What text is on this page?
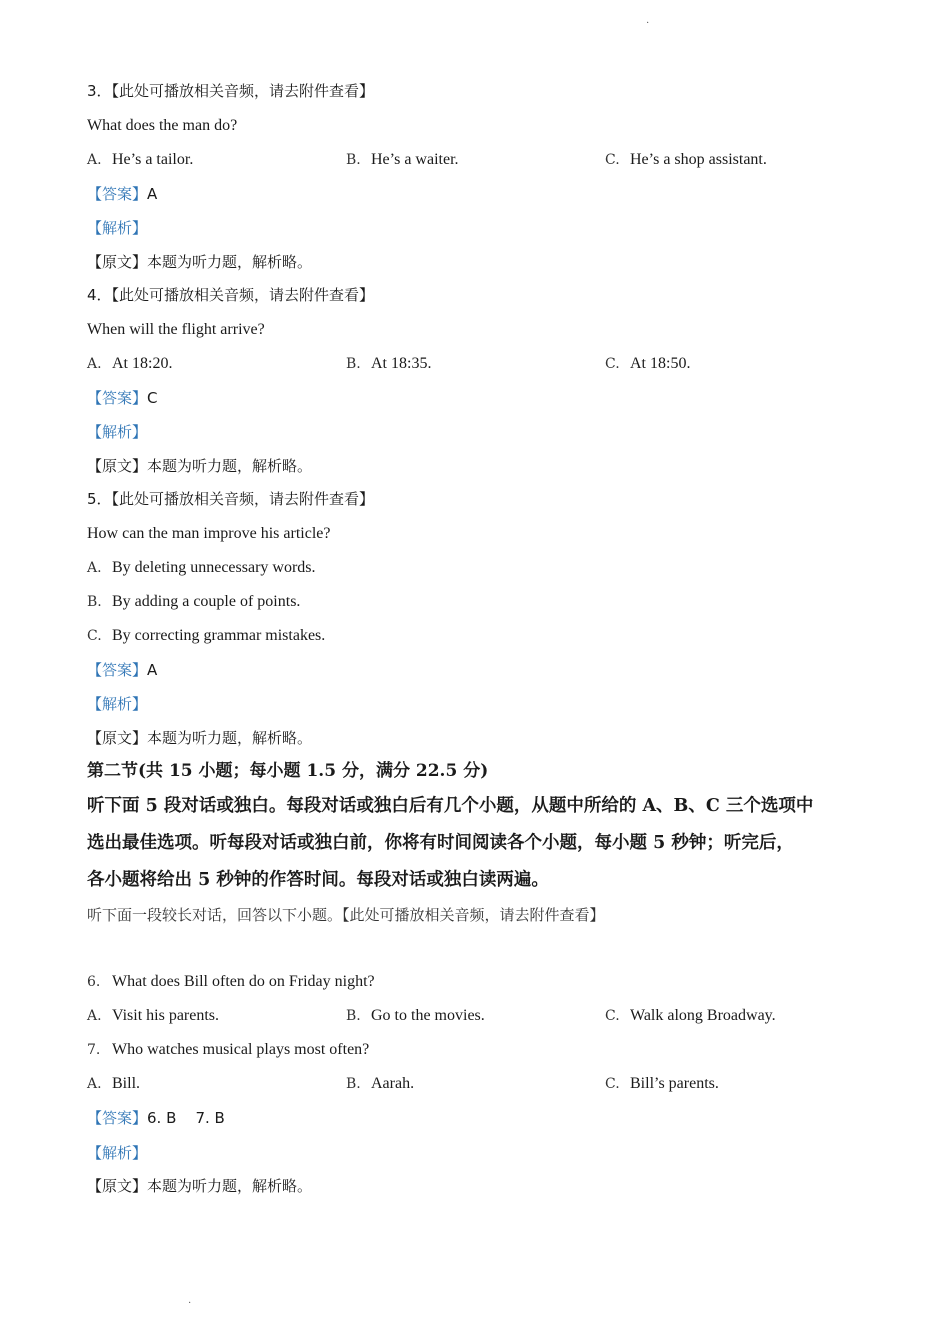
·
3．【此处可播放相关音频，请去附件查看】
What does the man do?
A. He’s a tailor.	B. He’s a waiter.	C. He’s a shop assistant.
【答案】A
【解析】
【原文】本题为听力题，解析略。
4．【此处可播放相关音频，请去附件查看】
When will the flight arrive?
A. At 18:20.	B. At 18:35.	C. At 18:50.
【答案】C
【解析】
【原文】本题为听力题，解析略。
5．【此处可播放相关音频，请去附件查看】
How can the man improve his article?
A. By deleting unnecessary words.
B. By adding a couple of points.
C. By correcting grammar mistakes.
【答案】A
【解析】
【原文】本题为听力题，解析略。
第二节(共 15 小题；每小题 1.5 分，满分 22.5 分)
听下面 5 段对话或独白。每段对话或独白后有几个小题，从题中所给的 A、B、C 三个选项中
选出最佳选项。听每段对话或独白前，你将有时间阅读各个小题，每小题 5 秒钟；听完后，
各小题将给出 5 秒钟的作答时间。每段对话或独白读两遍。
听下面一段较长对话，回答以下小题。【此处可播放相关音频，请去附件查看】
6. What does Bill often do on Friday night?
A. Visit his parents.	B. Go to the movies.	C. Walk along Broadway.
7. Who watches musical plays most often?
A. Bill.	B. Aarah.	C. Bill’s parents.
【答案】6. B    7. B
【解析】
【原文】本题为听力题，解析略。
·
